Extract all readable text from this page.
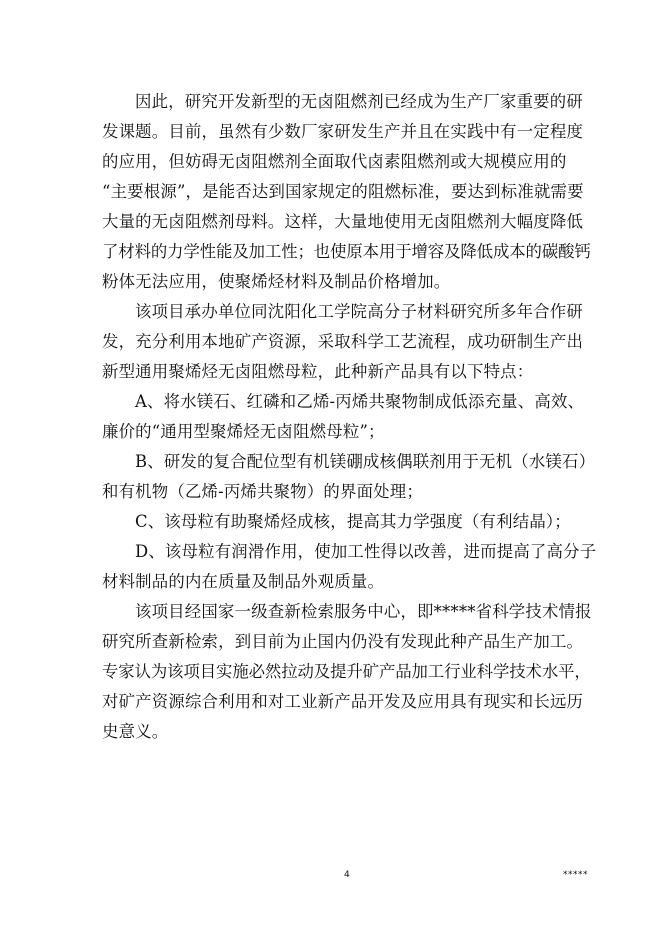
因此，研究开发新型的无卤阻燃剂已经成为生产厂家重要的研
发课题。目前，虽然有少数厂家研发生产并且在实践中有一定程度
的应用，但妨碍无卤阻燃剂全面取代卤素阻燃剂或大规模应用的
“主要根源”，是能否达到国家规定的阻燃标准，要达到标准就需要
大量的无卤阻燃剂母料。这样，大量地使用无卤阻燃剂大幅度降低
了材料的力学性能及加工性；也使原本用于增容及降低成本的碳酸钙
粉体无法应用，使聚烯烃材料及制品价格增加。
该项目承办单位同沈阳化工学院高分子材料研究所多年合作研
发，充分利用本地矿产资源，采取科学工艺流程，成功研制生产出
新型通用聚烯烃无卤阻燃母粒，此种新产品具有以下特点：
A、将水镁石、红磷和乙烯-丙烯共聚物制成低添充量、高效、
廉价的“通用型聚烯烃无卤阻燃母粒”；
B、研发的复合配位型有机镁硼成核偶联剂用于无机（水镁石）
和有机物（乙烯-丙烯共聚物）的界面处理；
C、该母粒有助聚烯烃成核，提高其力学强度（有利结晶）；
D、该母粒有润滑作用，使加工性得以改善，进而提高了高分子
材料制品的内在质量及制品外观质量。
该项目经国家一级查新检索服务中心，即*****省科学技术情报
研究所查新检索，到目前为止国内仍没有发现此种产品生产加工。
专家认为该项目实施必然拉动及提升矿产品加工行业科学技术水平，
对矿产资源综合利用和对工业新产品开发及应用具有现实和长远历
史意义。
4	*****
